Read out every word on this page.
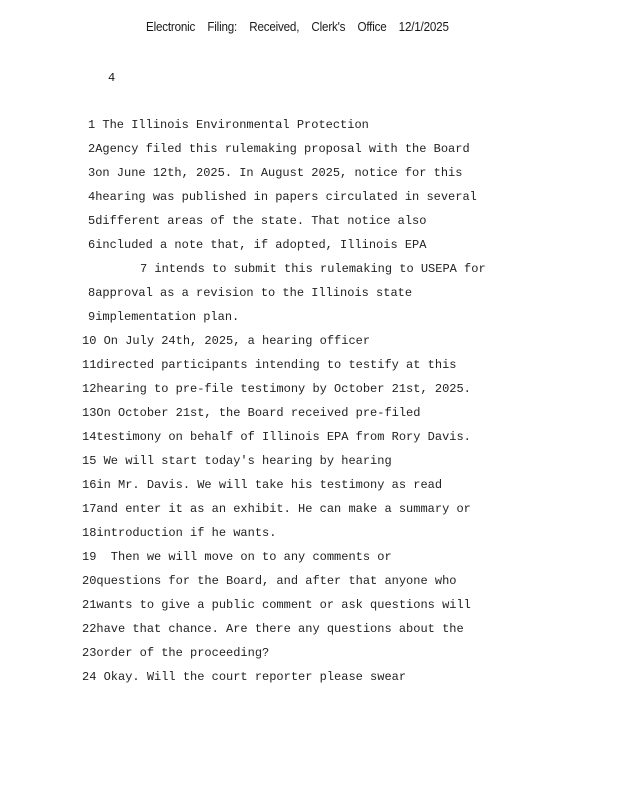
Electronic    Filing:    Received,    Clerk's    Office    12/1/2025
4
1 The Illinois Environmental Protection
2Agency filed this rulemaking proposal with the Board
3on June 12th, 2025. In August 2025, notice for this
4hearing was published in papers circulated in several
5different areas of the state. That notice also
6included a note that, if adopted, Illinois EPA
7 intends to submit this rulemaking to USEPA for
8approval as a revision to the Illinois state
9implementation plan.
10 On July 24th, 2025, a hearing officer
11directed participants intending to testify at this
12hearing to pre-file testimony by October 21st, 2025.
13On October 21st, the Board received pre-filed
14testimony on behalf of Illinois EPA from Rory Davis.
15 We will start today's hearing by hearing
16in Mr. Davis. We will take his testimony as read
17and enter it as an exhibit. He can make a summary or
18introduction if he wants.
19  Then we will move on to any comments or
20questions for the Board, and after that anyone who
21wants to give a public comment or ask questions will
22have that chance. Are there any questions about the
23order of the proceeding?
24 Okay. Will the court reporter please swear
